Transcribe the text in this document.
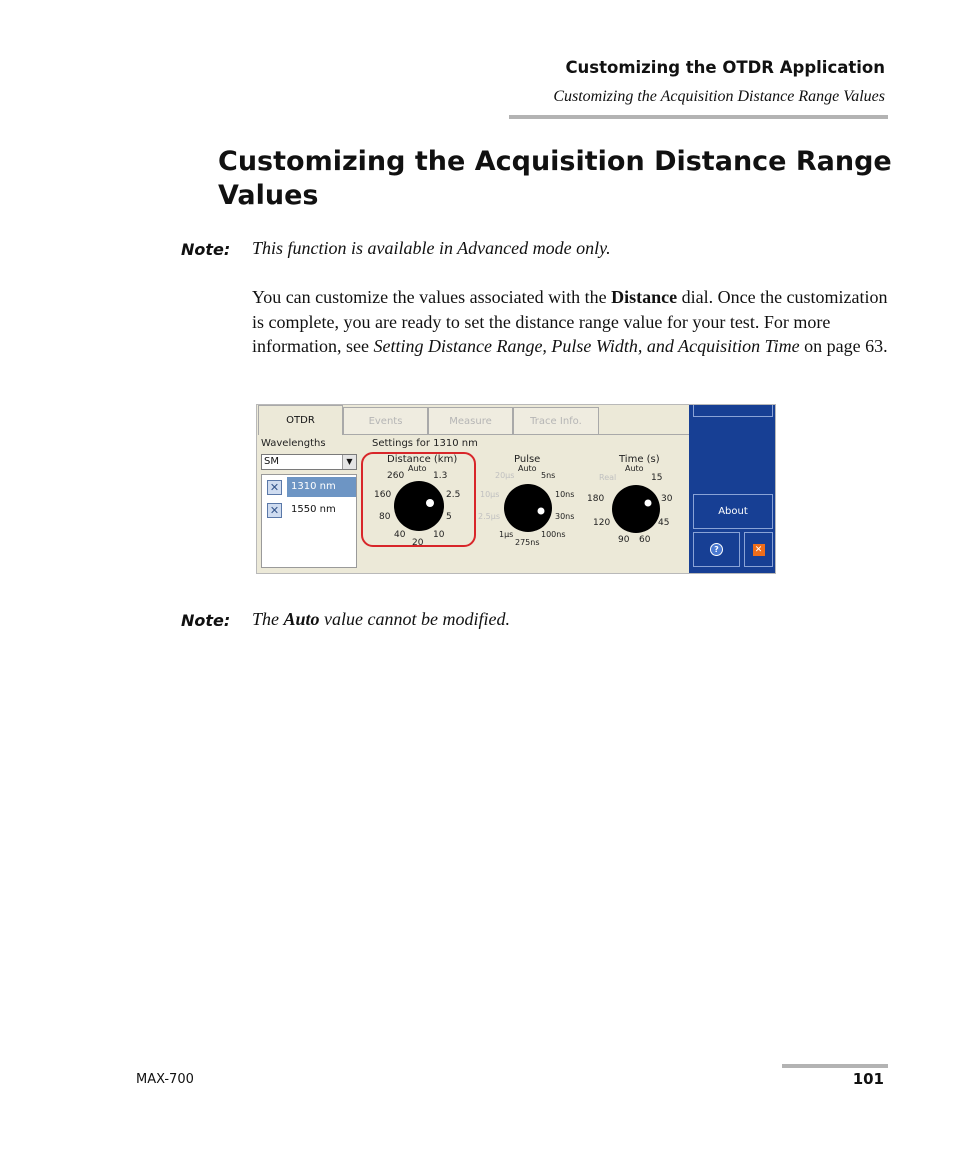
Customizing the OTDR Application
Customizing the Acquisition Distance Range Values
Customizing the Acquisition Distance Range Values
Note: This function is available in Advanced mode only.

You can customize the values associated with the Distance dial. Once the customization is complete, you are ready to set the distance range value for your test. For more information, see Setting Distance Range, Pulse Width, and Acquisition Time on page 63.

OTDR	Events	Measure	Trace Info.
Wavelengths
SM	▼
✕	1310 nm
✕	1550 nm
Settings for 1310 nm
Distance (km)
Auto
1.3
2.5
5
10
20
40
80
160
260
Pulse
Auto
5ns
10ns
30ns
100ns
275ns
1µs
2.5µs
10µs
20µs
Time (s)
Auto
15
30
45
60
90
120
180
Real
About
?	✕
Note: The Auto value cannot be modified.
MAX-700	101
